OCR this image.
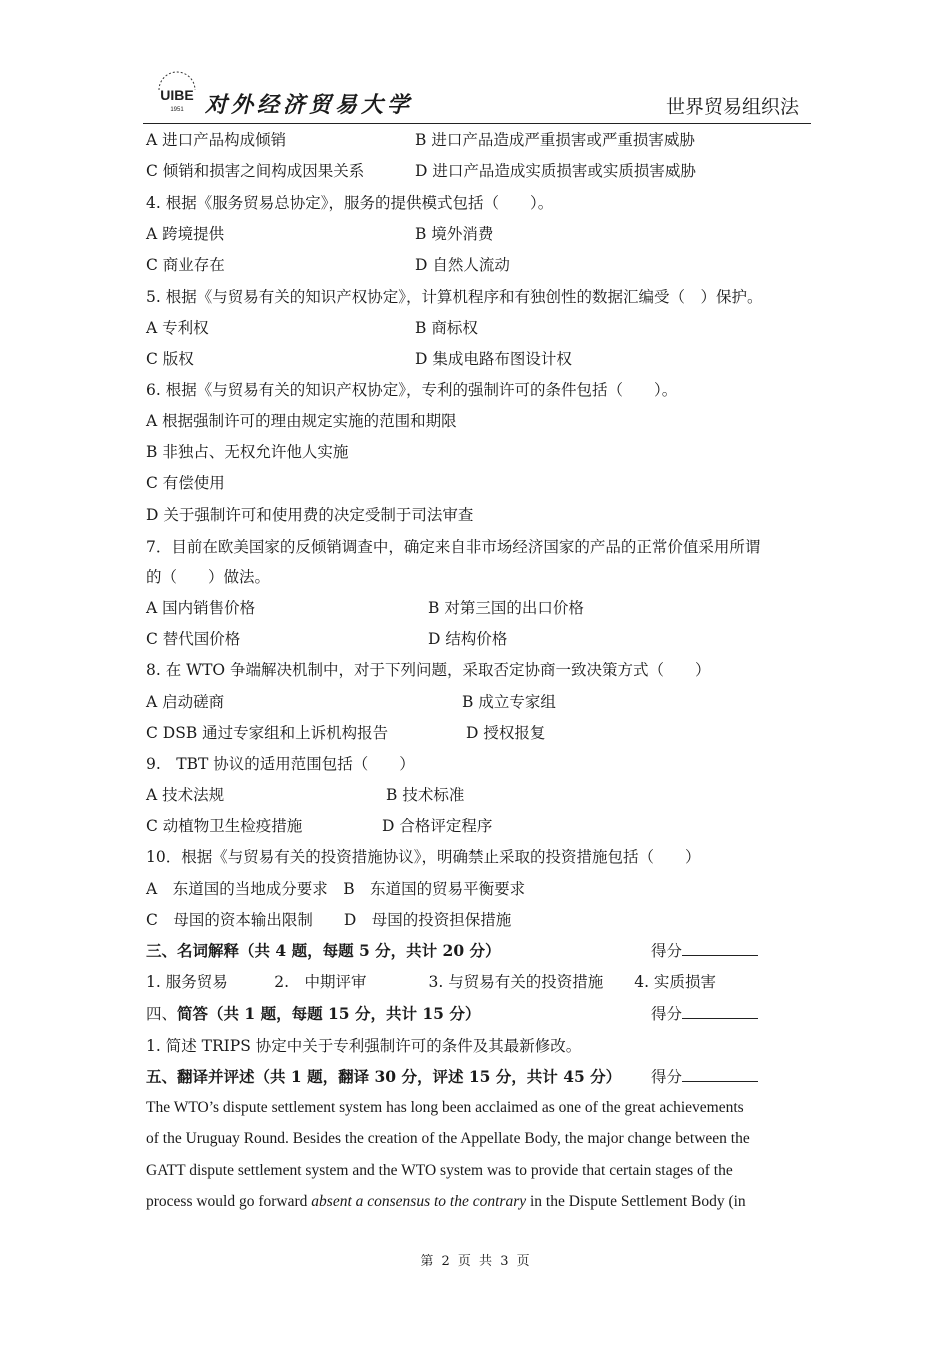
UIBE
1951 对外经济贸易大学	世界贸易组织法
A 进口产品构成倾销	B 进口产品造成严重损害或严重损害威胁
C 倾销和损害之间构成因果关系	D 进口产品造成实质损害或实质损害威胁
4. 根据《服务贸易总协定》，服务的提供模式包括（　　）。
A 跨境提供	B 境外消费
C 商业存在	D 自然人流动
5. 根据《与贸易有关的知识产权协定》，计算机程序和有独创性的数据汇编受（　）保护。
A 专利权	B 商标权
C 版权	D 集成电路布图设计权
6. 根据《与贸易有关的知识产权协定》，专利的强制许可的条件包括（　　）。
A 根据强制许可的理由规定实施的范围和期限
B 非独占、无权允许他人实施
C 有偿使用
D 关于强制许可和使用费的决定受制于司法审查
7．目前在欧美国家的反倾销调查中，确定来自非市场经济国家的产品的正常价值采用所谓
的（　　）做法。
A 国内销售价格	B 对第三国的出口价格
C 替代国价格	D 结构价格
8. 在 WTO 争端解决机制中，对于下列问题，采取否定协商一致决策方式（　　）
A 启动磋商	B 成立专家组
C DSB 通过专家组和上诉机构报告	D 授权报复
9.　TBT 协议的适用范围包括（　　）
A 技术法规	B 技术标准
C 动植物卫生检疫措施	D 合格评定程序
10．根据《与贸易有关的投资措施协议》，明确禁止采取的投资措施包括（　　）
A　东道国的当地成分要求　B　东道国的贸易平衡要求
C　母国的资本输出限制　　D　母国的投资担保措施
三、名词解释（共 4 题，每题 5 分，共计 20 分）	得分
1. 服务贸易　　　2.　中期评审　　　　3. 与贸易有关的投资措施　　4. 实质损害
四、简答（共 1 题，每题 15 分，共计 15 分）	得分
1. 简述 TRIPS 协定中关于专利强制许可的条件及其最新修改。
五、翻译并评述（共 1 题，翻译 30 分，评述 15 分，共计 45 分） 得分
The WTO’s dispute settlement system has long been acclaimed as one of the great achievements
of the Uruguay Round. Besides the creation of the Appellate Body, the major change between the
GATT dispute settlement system and the WTO system was to provide that certain stages of the
process would go forward absent a consensus to the contrary in the Dispute Settlement Body (in
第 2 页 共 3 页
